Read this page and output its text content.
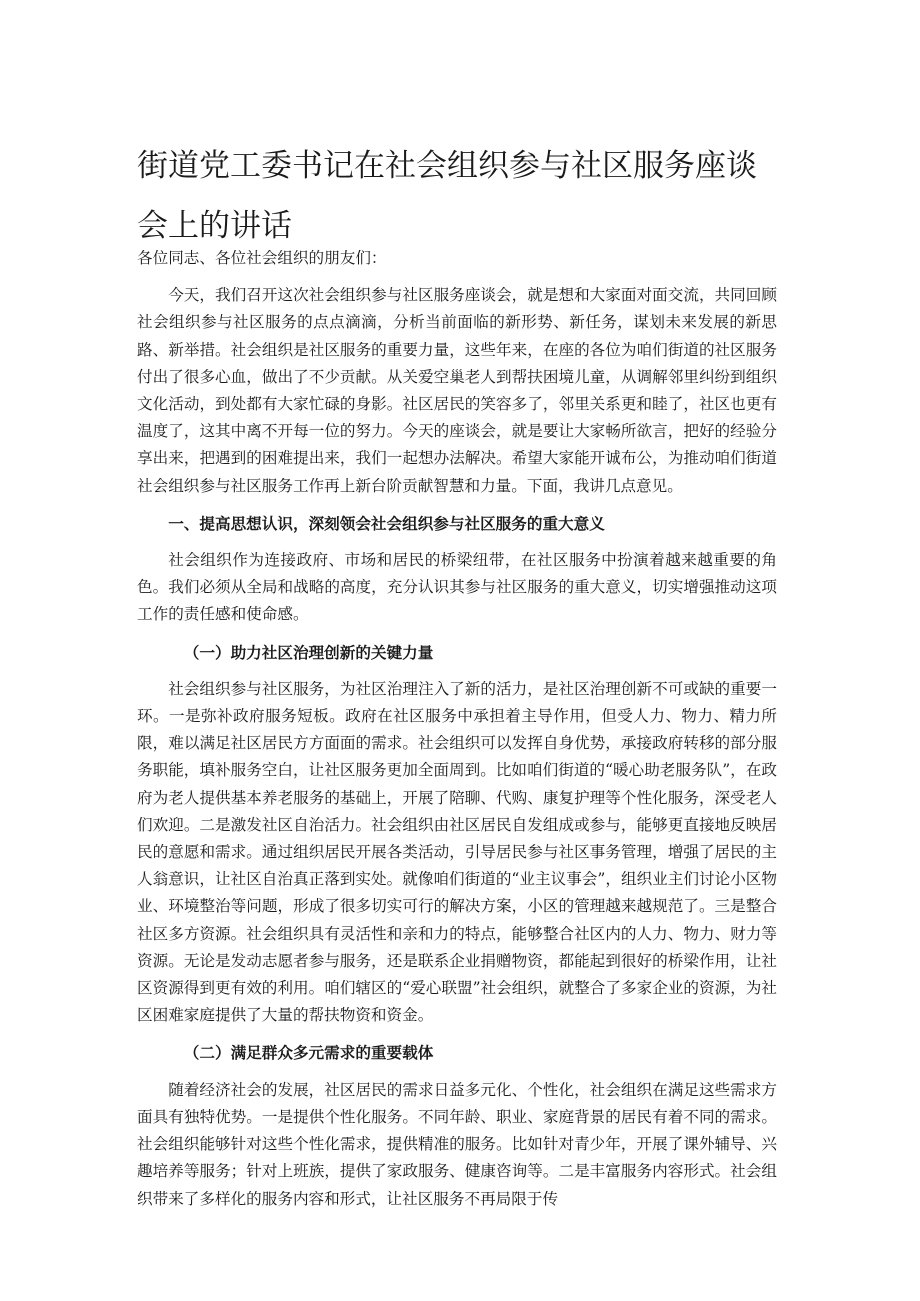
街道党工委书记在社会组织参与社区服务座谈会上的讲话

各位同志、各位社会组织的朋友们：

今天，我们召开这次社会组织参与社区服务座谈会，就是想和大家面对面交流，共同回顾社会组织参与社区服务的点点滴滴，分析当前面临的新形势、新任务，谋划未来发展的新思路、新举措。社会组织是社区服务的重要力量，这些年来，在座的各位为咱们街道的社区服务付出了很多心血，做出了不少贡献。从关爱空巢老人到帮扶困境儿童，从调解邻里纠纷到组织文化活动，到处都有大家忙碌的身影。社区居民的笑容多了，邻里关系更和睦了，社区也更有温度了，这其中离不开每一位的努力。今天的座谈会，就是要让大家畅所欲言，把好的经验分享出来，把遇到的困难提出来，我们一起想办法解决。希望大家能开诚布公，为推动咱们街道社会组织参与社区服务工作再上新台阶贡献智慧和力量。下面，我讲几点意见。

一、提高思想认识，深刻领会社会组织参与社区服务的重大意义

社会组织作为连接政府、市场和居民的桥梁纽带，在社区服务中扮演着越来越重要的角色。我们必须从全局和战略的高度，充分认识其参与社区服务的重大意义，切实增强推动这项工作的责任感和使命感。

（一）助力社区治理创新的关键力量

社会组织参与社区服务，为社区治理注入了新的活力，是社区治理创新不可或缺的重要一环。一是弥补政府服务短板。政府在社区服务中承担着主导作用，但受人力、物力、精力所限，难以满足社区居民方方面面的需求。社会组织可以发挥自身优势，承接政府转移的部分服务职能，填补服务空白，让社区服务更加全面周到。比如咱们街道的“暖心助老服务队”，在政府为老人提供基本养老服务的基础上，开展了陪聊、代购、康复护理等个性化服务，深受老人们欢迎。二是激发社区自治活力。社会组织由社区居民自发组成或参与，能够更直接地反映居民的意愿和需求。通过组织居民开展各类活动，引导居民参与社区事务管理，增强了居民的主人翁意识，让社区自治真正落到实处。就像咱们街道的“业主议事会”，组织业主们讨论小区物业、环境整治等问题，形成了很多切实可行的解决方案，小区的管理越来越规范了。三是整合社区多方资源。社会组织具有灵活性和亲和力的特点，能够整合社区内的人力、物力、财力等资源。无论是发动志愿者参与服务，还是联系企业捐赠物资，都能起到很好的桥梁作用，让社区资源得到更有效的利用。咱们辖区的“爱心联盟”社会组织，就整合了多家企业的资源，为社区困难家庭提供了大量的帮扶物资和资金。

（二）满足群众多元需求的重要载体

随着经济社会的发展，社区居民的需求日益多元化、个性化，社会组织在满足这些需求方面具有独特优势。一是提供个性化服务。不同年龄、职业、家庭背景的居民有着不同的需求。社会组织能够针对这些个性化需求，提供精准的服务。比如针对青少年，开展了课外辅导、兴趣培养等服务；针对上班族，提供了家政服务、健康咨询等。二是丰富服务内容形式。社会组织带来了多样化的服务内容和形式，让社区服务不再局限于传
